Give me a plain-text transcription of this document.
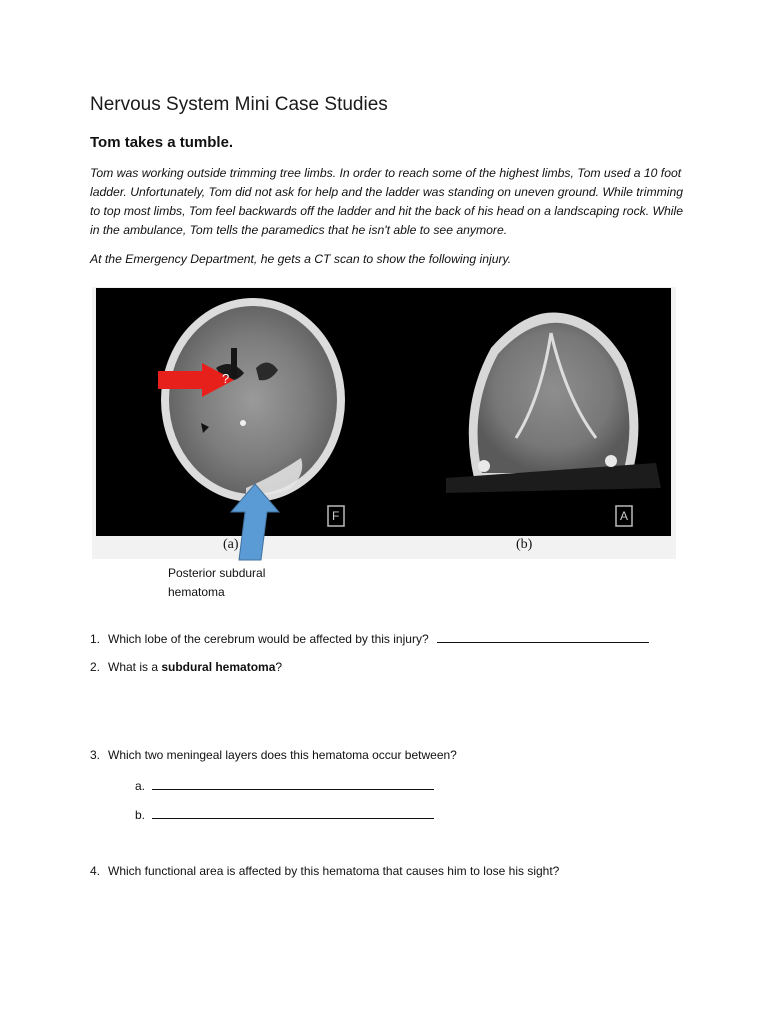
Nervous System Mini Case Studies
Tom takes a tumble.
Tom was working outside trimming tree limbs. In order to reach some of the highest limbs, Tom used a 10 foot ladder. Unfortunately, Tom did not ask for help and the ladder was standing on uneven ground. While trimming to top most limbs, Tom feel backwards off the ladder and hit the back of his head on a landscaping rock. While in the ambulance, Tom tells the paramedics that he isn't able to see anymore.
At the Emergency Department, he gets a CT scan to show the following injury.
?
F	A
(a)	(b)
Posterior subdural hematoma
1. Which lobe of the cerebrum would be affected by this injury?
2. What is a subdural hematoma?
3. Which two meningeal layers does this hematoma occur between?
a.
b.
4. Which functional area is affected by this hematoma that causes him to lose his sight?
